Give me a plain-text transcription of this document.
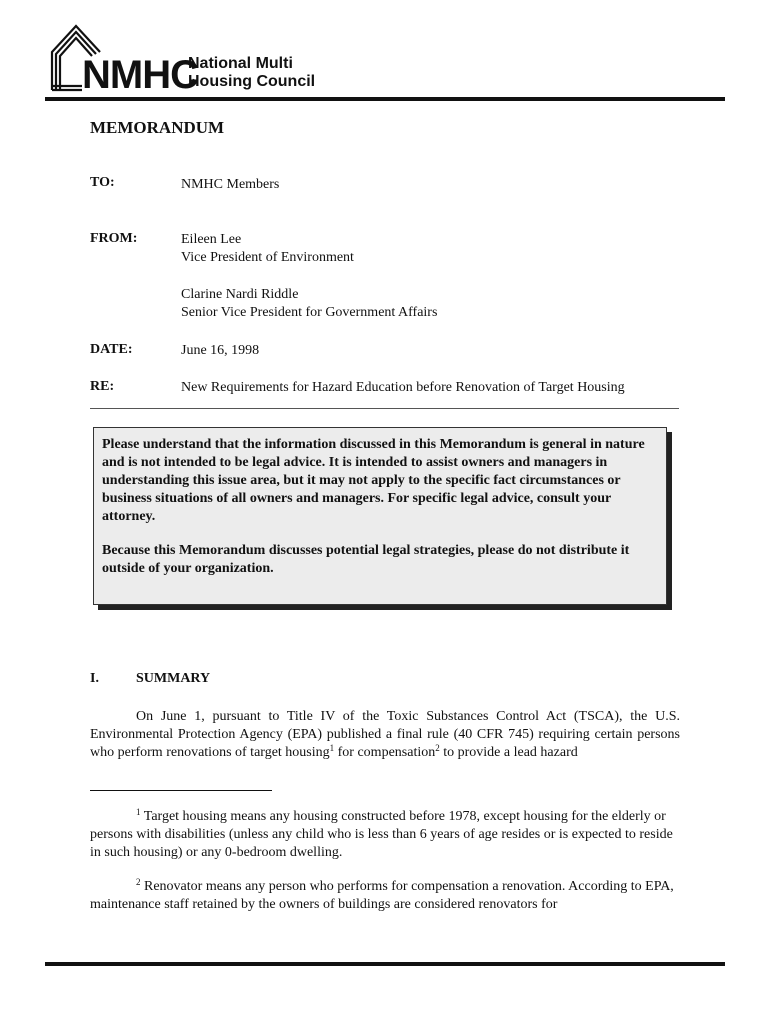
NMHC
National Multi
Housing Council
MEMORANDUM
TO:	NMHC Members
FROM:	Eileen Lee
Vice President of Environment
Clarine Nardi Riddle
Senior Vice President for Government Affairs
DATE:	June 16, 1998
RE:	New Requirements for Hazard Education before Renovation of Target Housing

Please understand that the information discussed in this Memorandum is general in nature and is not intended to be legal advice. It is intended to assist owners and managers in understanding this issue area, but it may not apply to the specific fact circumstances or business situations of all owners and managers. For specific legal advice, consult your attorney.

Because this Memorandum discusses potential legal strategies, please do not distribute it outside of your organization.

I.	SUMMARY

On June 1, pursuant to Title IV of the Toxic Substances Control Act (TSCA), the U.S. Environmental Protection Agency (EPA) published a final rule (40 CFR 745) requiring certain persons who perform renovations of target housing$^1$ for compensation$^2$ to provide a lead hazard

$^1$ Target housing means any housing constructed before 1978, except housing for the elderly or persons with disabilities (unless any child who is less than 6 years of age resides or is expected to reside in such housing) or any 0-bedroom dwelling.

$^2$ Renovator means any person who performs for compensation a renovation. According to EPA, maintenance staff retained by the owners of buildings are considered renovators for
